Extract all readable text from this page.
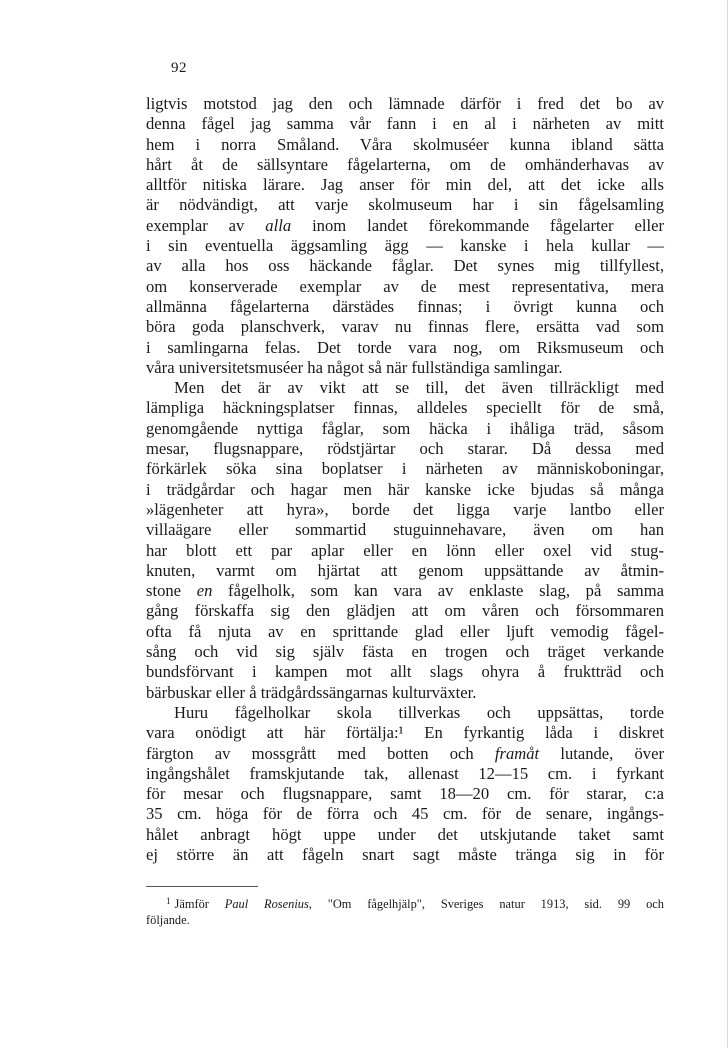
92
ligtvis motstod jag den och lämnade därför i fred det bo av
denna fågel jag samma vår fann i en al i närheten av mitt
hem i norra Småland. Våra skolmuséer kunna ibland sätta
hårt åt de sällsyntare fågelarterna, om de omhänderhavas av
alltför nitiska lärare. Jag anser för min del, att det icke alls
är nödvändigt, att varje skolmuseum har i sin fågelsamling
exemplar av alla inom landet förekommande fågelarter eller
i sin eventuella äggsamling ägg — kanske i hela kullar —
av alla hos oss häckande fåglar. Det synes mig tillfyllest,
om konserverade exemplar av de mest representativa, mera
allmänna fågelarterna därstädes finnas; i övrigt kunna och
böra goda planschverk, varav nu finnas flere, ersätta vad som
i samlingarna felas. Det torde vara nog, om Riksmuseum och
våra universitetsmuséer ha något så när fullständiga samlingar.
Men det är av vikt att se till, det även tillräckligt med
lämpliga häckningsplatser finnas, alldeles speciellt för de små,
genomgående nyttiga fåglar, som häcka i ihåliga träd, såsom
mesar, flugsnappare, rödstjärtar och starar. Då dessa med
förkärlek söka sina boplatser i närheten av människoboningar,
i trädgårdar och hagar men här kanske icke bjudas så många
»lägenheter att hyra», borde det ligga varje lantbo eller
villaägare eller sommartid stuguinnehavare, även om han
har blott ett par aplar eller en lönn eller oxel vid stug-
knuten, varmt om hjärtat att genom uppsättande av åtmin-
stone en fågelholk, som kan vara av enklaste slag, på samma
gång förskaffa sig den glädjen att om våren och försommaren
ofta få njuta av en sprittande glad eller ljuft vemodig fågel-
sång och vid sig själv fästa en trogen och träget verkande
bundsförvant i kampen mot allt slags ohyra å fruktträd och
bärbuskar eller å trädgårdssängarnas kulturväxter.
Huru fågelholkar skola tillverkas och uppsättas, torde
vara onödigt att här förtälja:¹ En fyrkantig låda i diskret
färgton av mossgrått med botten och framåt lutande, över
ingångshålet framskjutande tak, allenast 12—15 cm. i fyrkant
för mesar och flugsnappare, samt 18—20 cm. för starar, c:a
35 cm. höga för de förra och 45 cm. för de senare, ingångs-
hålet anbragt högt uppe under det utskjutande taket samt
ej större än att fågeln snart sagt måste tränga sig in för
$^1$ Jämför Paul Rosenius, "Om fågelhjälp", Sveriges natur 1913, sid. 99 och
följande.
